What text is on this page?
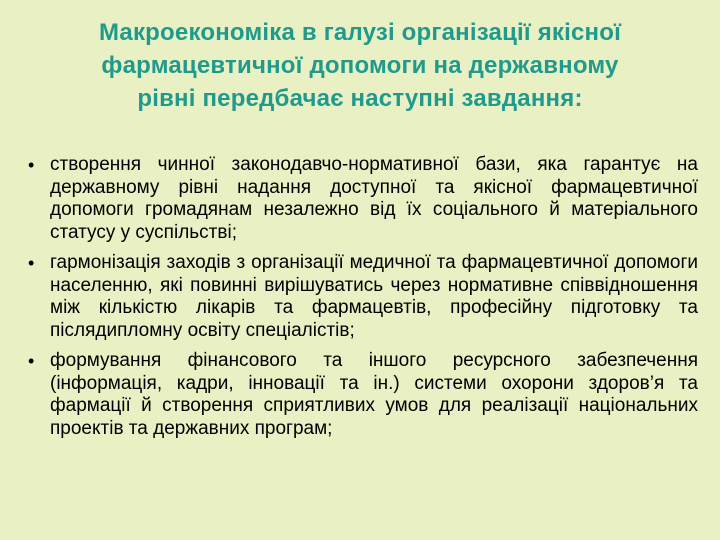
Макроекономіка в галузі організації якісної
фармацевтичної допомоги на державному
рівні передбачає наступні завдання:
• створення чинної законодавчо-нормативної бази, яка гарантує на державному рівні надання доступної та якісної фармацевтичної допомоги громадянам незалежно від їх соціального й матеріального статусу у суспільстві;
• гармонізація заходів з організації медичної та фармацевтичної допомоги населенню, які повинні вирішуватись через нормативне співвідношення між кількістю лікарів та фармацевтів, професійну підготовку та післядипломну освіту спеціалістів;
• формування фінансового та іншого ресурсного забезпечення (інформація, кадри, інновації та ін.) системи охорони здоров’я та фармації й створення сприятливих умов для реалізації національних проектів та державних програм;
